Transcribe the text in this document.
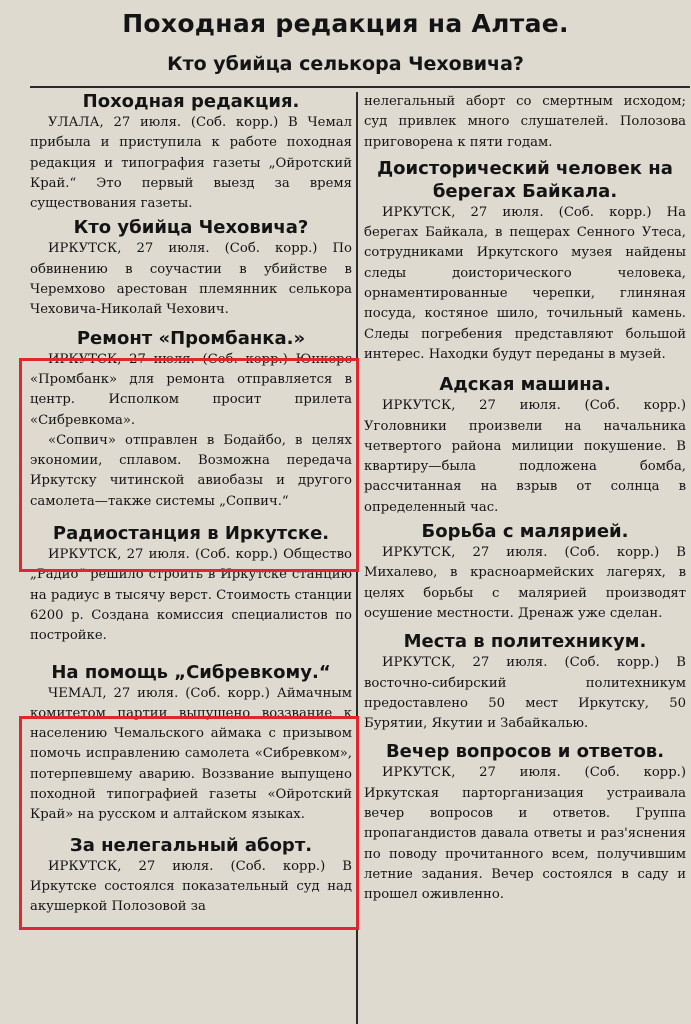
Походная редакция на Алтае.
Кто убийца селькора Чеховича?
Походная редакция.

УЛАЛА, 27 июля. (Соб. корр.) В Чемал прибыла и приступила к работе походная редакция и типография газеты „Ойротский Край.“ Это первый выезд за время существования газеты.

Кто убийца Чеховича?

ИРКУТСК, 27 июля. (Соб. корр.) По обвинению в соучастии в убийстве в Черемхово арестован племянник селькора Чеховича-Николай Чехович.

Ремонт «Промбанка.»

ИРКУТСК, 27 июля. (Соб. корр.) Юнкерс «Промбанк» для ремонта отправляется в центр. Исполком просит прилета «Сибревкома».

«Сопвич» отправлен в Бодайбо, в целях экономии, сплавом. Возможна передача Иркутску читинской авиобазы и другого самолета—также системы „Сопвич.“

Радиостанция в Иркутске.

ИРКУТСК, 27 июля. (Соб. корр.) Общество „Радио“ решило строить в Иркутске станцию на радиус в тысячу верст. Стоимость станции 6200 р. Создана комиссия специалистов по постройке.

На помощь „Сибревкому.“

ЧЕМАЛ, 27 июля. (Соб. корр.) Аймачным комитетом партии выпущено воззвание к населению Чемальского аймака с призывом помочь исправлению самолета «Сибревком», потерпевшему аварию. Воззвание выпущено походной типографией газеты «Ойротский Край» на русском и алтайском языках.

За нелегальный аборт.

ИРКУТСК, 27 июля. (Соб. корр.) В Иркутске состоялся показательный суд над акушеркой Полозовой за

нелегальный аборт со смертным исходом; суд привлек много слушателей. Полозова приговорена к пяти годам.

Доисторический человек на берегах Байкала.

ИРКУТСК, 27 июля. (Соб. корр.) На берегах Байкала, в пещерах Сенного Утеса, сотрудниками Иркутского музея найдены следы доисторического человека, орнаментированные черепки, глиняная посуда, костяное шило, точильный камень. Следы погребения представляют большой интерес. Находки будут переданы в музей.

Адская машина.

ИРКУТСК, 27 июля. (Соб. корр.) Уголовники произвели на начальника четвертого района милиции покушение. В квартиру—была подложена бомба, рассчитанная на взрыв от солнца в определенный час.

Борьба с малярией.

ИРКУТСК, 27 июля. (Соб. корр.) В Михалево, в красноармейских лагерях, в целях борьбы с малярией производят осушение местности. Дренаж уже сделан.

Места в политехникум.

ИРКУТСК, 27 июля. (Соб. корр.) В восточно-сибирский политехникум предоставлено 50 мест Иркутску, 50 Бурятии, Якутии и Забайкалью.

Вечер вопросов и ответов.

ИРКУТСК, 27 июля. (Соб. корр.) Иркутская парторганизация устраивала вечер вопросов и ответов. Группа пропагандистов давала ответы и раз'яснения по поводу прочитанного всем, получившим летние задания. Вечер состоялся в саду и прошел оживленно.
